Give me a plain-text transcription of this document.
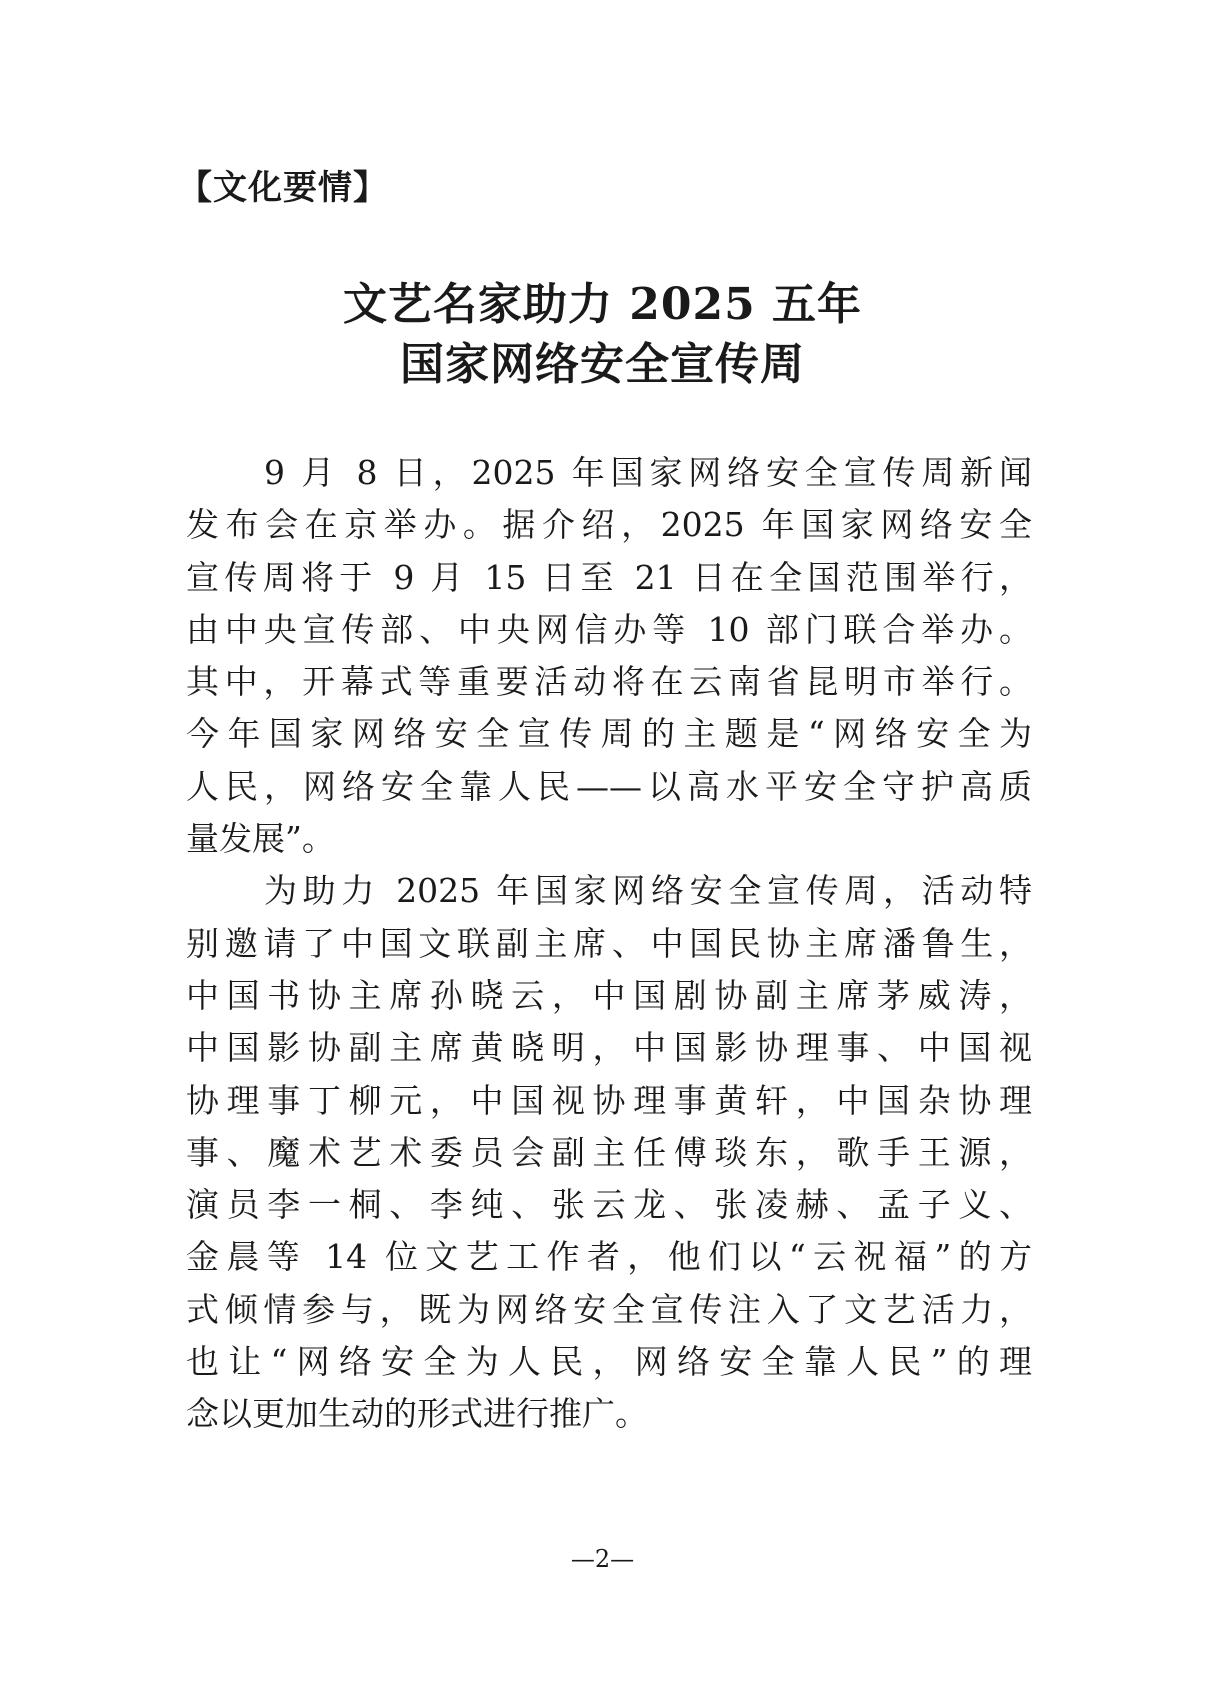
【文化要情】
文艺名家助力 2025 五年
国家网络安全宣传周
9 月 8 日，2025 年国家网络安全宣传周新闻
发布会在京举办。据介绍，2025 年国家网络安全
宣传周将于 9 月 15 日至 21 日在全国范围举行，
由中央宣传部、中央网信办等 10 部门联合举办。
其中，开幕式等重要活动将在云南省昆明市举行。
今年国家网络安全宣传周的主题是“网络安全为
人民，网络安全靠人民——以高水平安全守护高质
量发展”。
为助力 2025 年国家网络安全宣传周，活动特
别邀请了中国文联副主席、中国民协主席潘鲁生，
中国书协主席孙晓云，中国剧协副主席茅威涛，
中国影协副主席黄晓明，中国影协理事、中国视
协理事丁柳元，中国视协理事黄轩，中国杂协理
事、魔术艺术委员会副主任傅琰东，歌手王源，
演员李一桐、李纯、张云龙、张凌赫、孟子义、
金晨等 14 位文艺工作者，他们以“云祝福”的方
式倾情参与，既为网络安全宣传注入了文艺活力，
也让“网络安全为人民，网络安全靠人民”的理
念以更加生动的形式进行推广。
—2—
